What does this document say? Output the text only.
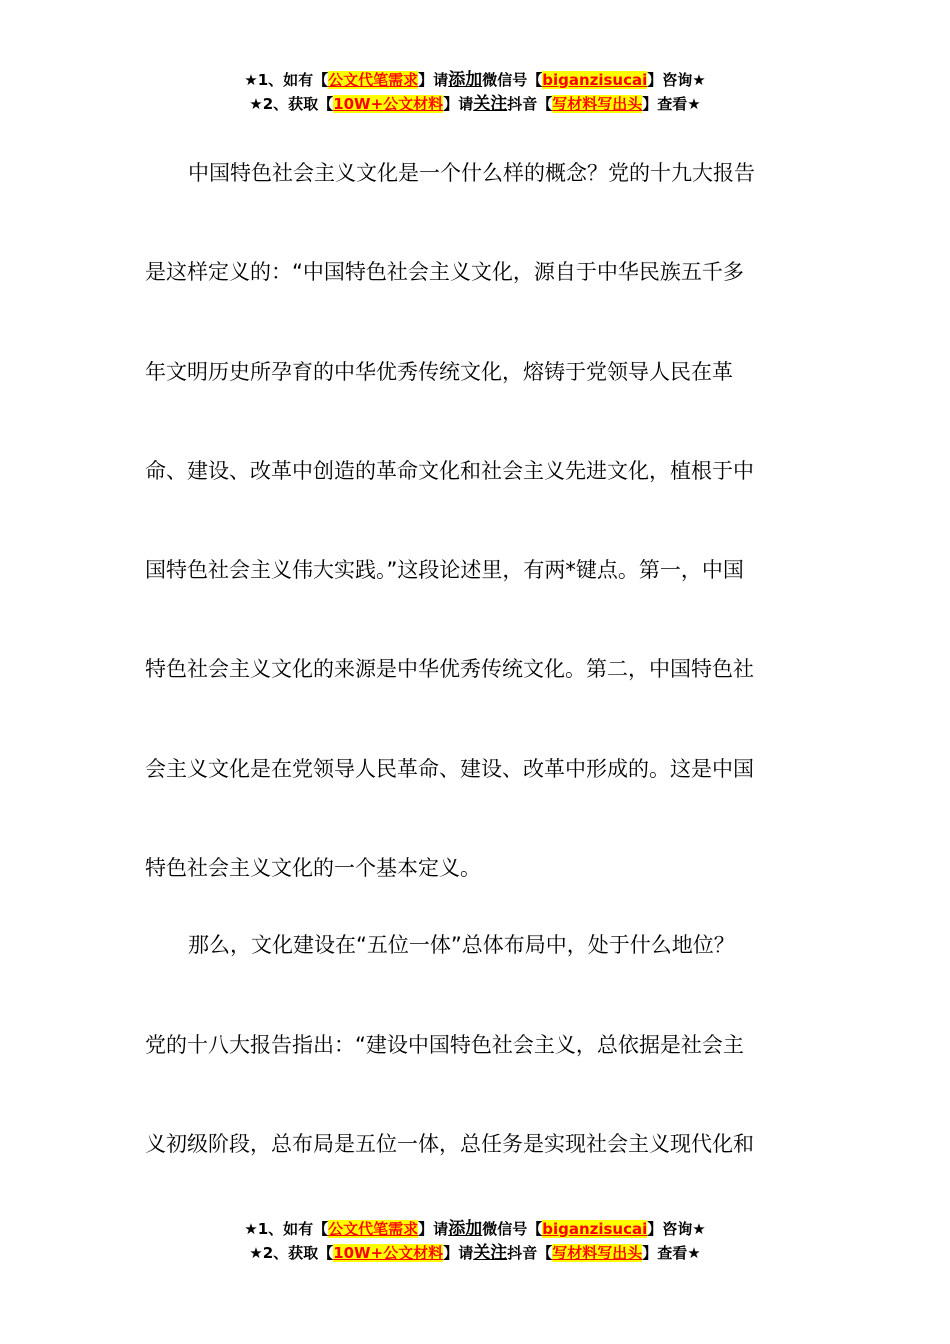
★1、如有【公文代笔需求】请添加微信号【biganzisucai】咨询★
★2、获取【10W+公文材料】请关注抖音【写材料写出头】查看★
中国特色社会主义文化是一个什么样的概念？党的十九大报告
是这样定义的：“中国特色社会主义文化，源自于中华民族五千多
年文明历史所孕育的中华优秀传统文化，熔铸于党领导人民在革
命、建设、改革中创造的革命文化和社会主义先进文化，植根于中
国特色社会主义伟大实践。”这段论述里，有两*键点。第一，中国
特色社会主义文化的来源是中华优秀传统文化。第二，中国特色社
会主义文化是在党领导人民革命、建设、改革中形成的。这是中国
特色社会主义文化的一个基本定义。
那么，文化建设在“五位一体”总体布局中，处于什么地位？
党的十八大报告指出：“建设中国特色社会主义，总依据是社会主
义初级阶段，总布局是五位一体，总任务是实现社会主义现代化和
★1、如有【公文代笔需求】请添加微信号【biganzisucai】咨询★
★2、获取【10W+公文材料】请关注抖音【写材料写出头】查看★
